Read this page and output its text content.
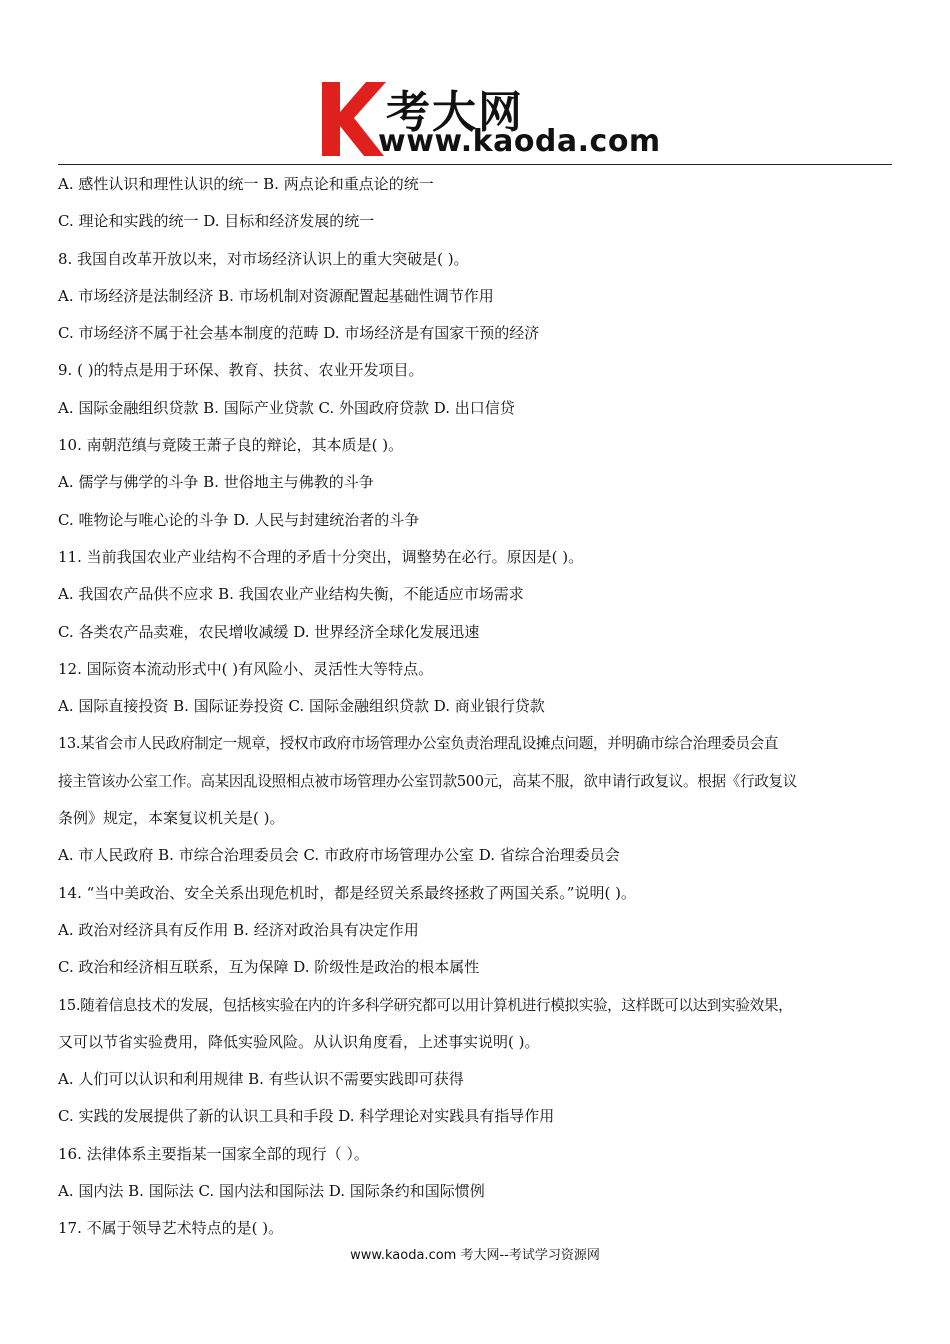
考大网
www.kaoda.com
A. 感性认识和理性认识的统一 B. 两点论和重点论的统一
C. 理论和实践的统一 D. 目标和经济发展的统一
8. 我国自改革开放以来，对市场经济认识上的重大突破是( )。
A. 市场经济是法制经济 B. 市场机制对资源配置起基础性调节作用
C. 市场经济不属于社会基本制度的范畴 D. 市场经济是有国家干预的经济
9. ( )的特点是用于环保、教育、扶贫、农业开发项目。
A. 国际金融组织贷款 B. 国际产业贷款 C. 外国政府贷款 D. 出口信贷
10. 南朝范缜与竟陵王萧子良的辩论，其本质是( )。
A. 儒学与佛学的斗争 B. 世俗地主与佛教的斗争
C. 唯物论与唯心论的斗争 D. 人民与封建统治者的斗争
11. 当前我国农业产业结构不合理的矛盾十分突出，调整势在必行。原因是( )。
A. 我国农产品供不应求 B. 我国农业产业结构失衡，不能适应市场需求
C. 各类农产品卖难，农民增收减缓 D. 世界经济全球化发展迅速
12. 国际资本流动形式中( )有风险小、灵活性大等特点。
A. 国际直接投资 B. 国际证券投资 C. 国际金融组织贷款 D. 商业银行贷款
13.某省会市人民政府制定一规章，授权市政府市场管理办公室负责治理乱设摊点问题，并明确市综合治理委员会直
接主管该办公室工作。高某因乱设照相点被市场管理办公室罚款500元，高某不服，欲申请行政复议。根据《行政复议
条例》规定，本案复议机关是( )。
A. 市人民政府 B. 市综合治理委员会 C. 市政府市场管理办公室 D. 省综合治理委员会
14. “当中美政治、安全关系出现危机时，都是经贸关系最终拯救了两国关系。”说明( )。
A. 政治对经济具有反作用 B. 经济对政治具有决定作用
C. 政治和经济相互联系，互为保障 D. 阶级性是政治的根本属性
15.随着信息技术的发展，包括核实验在内的许多科学研究都可以用计算机进行模拟实验，这样既可以达到实验效果，
又可以节省实验费用，降低实验风险。从认识角度看，上述事实说明( )。
A. 人们可以认识和利用规律 B. 有些认识不需要实践即可获得
C. 实践的发展提供了新的认识工具和手段 D. 科学理论对实践具有指导作用
16. 法律体系主要指某一国家全部的现行（ ）。
A. 国内法 B. 国际法 C. 国内法和国际法 D. 国际条约和国际惯例
17. 不属于领导艺术特点的是( )。
www.kaoda.com 考大网--考试学习资源网
